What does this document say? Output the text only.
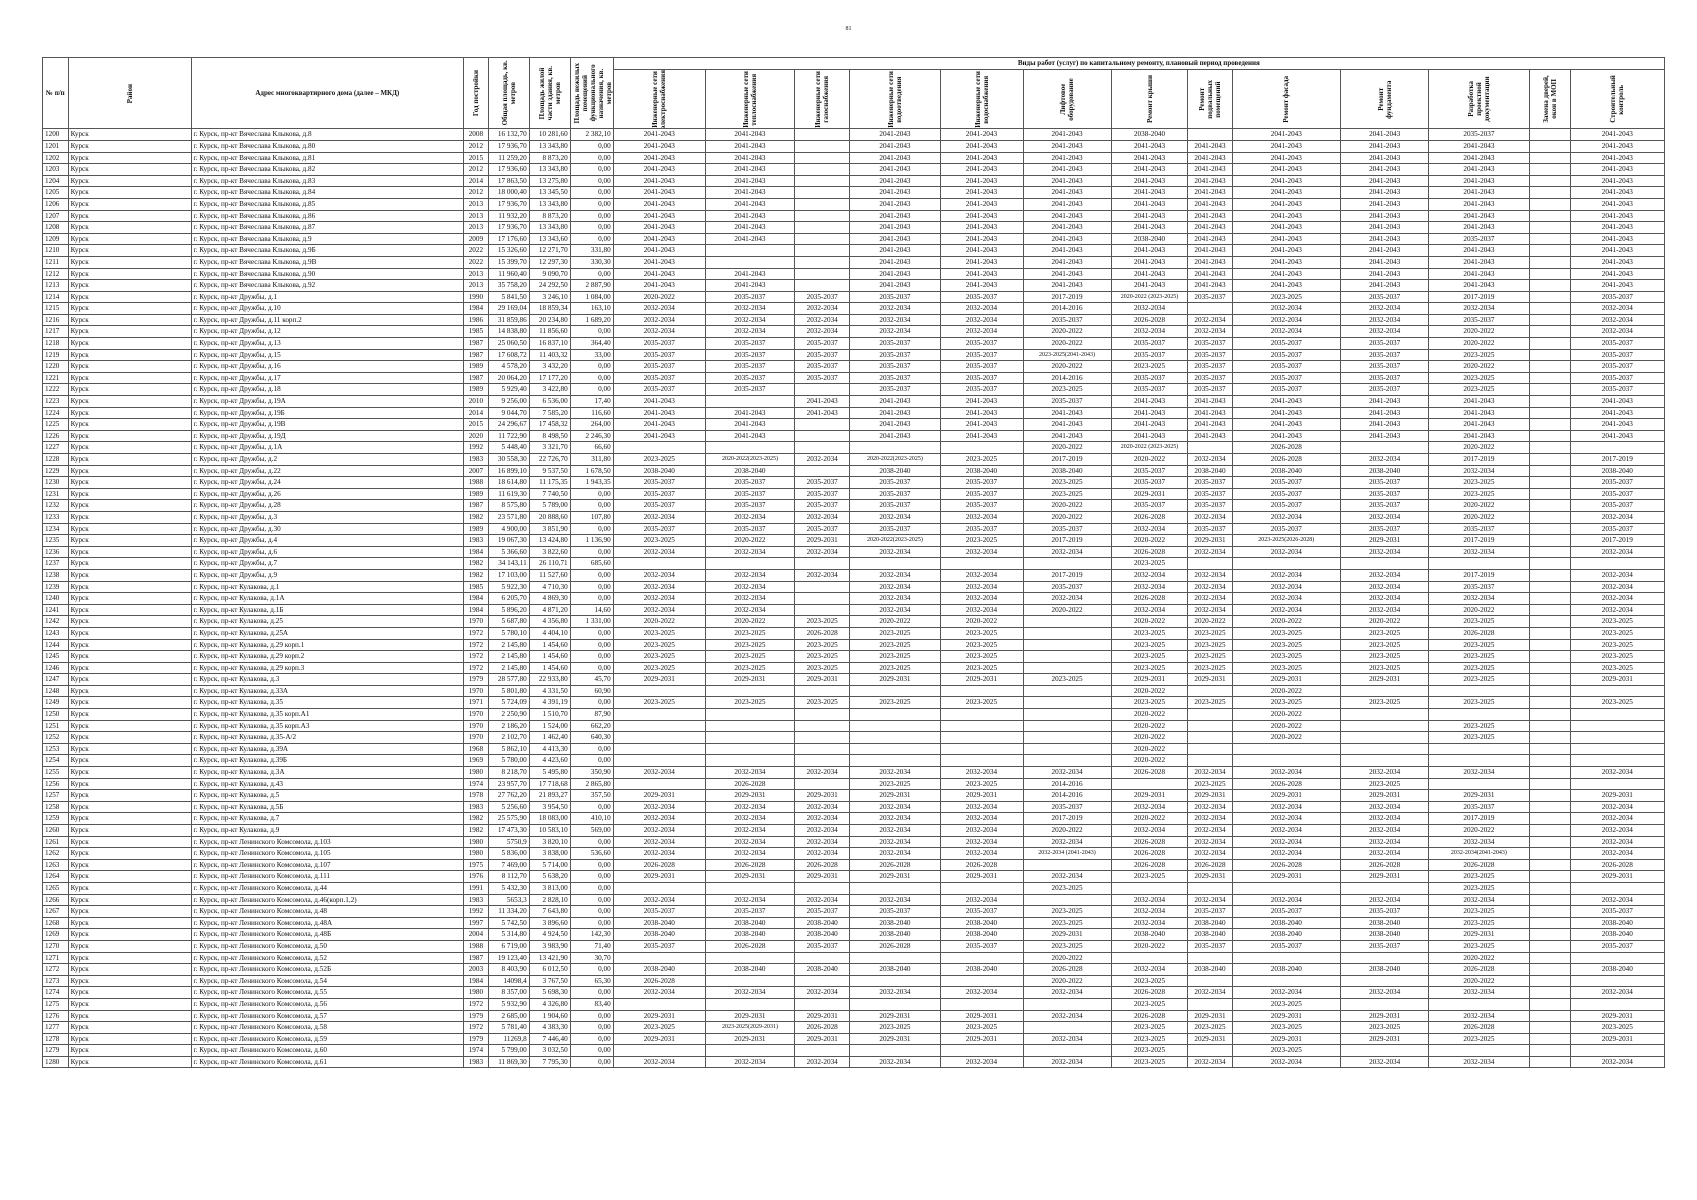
81
№ п/п	Район	Адрес многоквартирного дома (далее – МКД)	Год постройки	Общая площадь, кв. метров	Площадь жилой части здания, кв. метров	Площадь нежилых помещений функционального назначения, кв. метров	Виды работ (услуг) по капитальному ремонту, плановый период проведения												

							Инженерные сети электроснабжения	Инженерные сети теплоснабжения	Инженерные сети газоснабжения	Инженерные сети водоотведения	Инженерные сети водоснабжения	Лифтовое оборудование	Ремонт крыши	Ремонт подвальных помещений	Ремонт фасада	Ремонт фундамента	Разработка проектной документации	Замена дверей, окон в МОП	Строительный контроль

1200	Курск	г. Курск, пр-кт Вячеслава Клыкова, д.8	2008	16 132,70	10 281,60	2 382,10	2041-2043	2041-2043		2041-2043	2041-2043	2041-2043	2038-2040		2041-2043	2041-2043	2035-2037		2041-2043
1201	Курск	г. Курск, пр-кт Вячеслава Клыкова, д.80	2012	17 936,70	13 343,80	0,00	2041-2043	2041-2043		2041-2043	2041-2043	2041-2043	2041-2043	2041-2043	2041-2043	2041-2043	2041-2043		2041-2043
1202	Курск	г. Курск, пр-кт Вячеслава Клыкова, д.81	2015	11 259,20	8 873,20	0,00	2041-2043	2041-2043		2041-2043	2041-2043	2041-2043	2041-2043	2041-2043	2041-2043	2041-2043	2041-2043		2041-2043
1203	Курск	г. Курск, пр-кт Вячеслава Клыкова, д.82	2012	17 936,60	13 343,80	0,00	2041-2043	2041-2043		2041-2043	2041-2043	2041-2043	2041-2043	2041-2043	2041-2043	2041-2043	2041-2043		2041-2043
1204	Курск	г. Курск, пр-кт Вячеслава Клыкова, д.83	2014	17 863,50	13 275,80	0,00	2041-2043	2041-2043		2041-2043	2041-2043	2041-2043	2041-2043	2041-2043	2041-2043	2041-2043	2041-2043		2041-2043
1205	Курск	г. Курск, пр-кт Вячеслава Клыкова, д.84	2012	18 000,40	13 345,50	0,00	2041-2043	2041-2043		2041-2043	2041-2043	2041-2043	2041-2043	2041-2043	2041-2043	2041-2043	2041-2043		2041-2043
1206	Курск	г. Курск, пр-кт Вячеслава Клыкова, д.85	2013	17 936,70	13 343,80	0,00	2041-2043	2041-2043		2041-2043	2041-2043	2041-2043	2041-2043	2041-2043	2041-2043	2041-2043	2041-2043		2041-2043
1207	Курск	г. Курск, пр-кт Вячеслава Клыкова, д.86	2013	11 932,20	8 873,20	0,00	2041-2043	2041-2043		2041-2043	2041-2043	2041-2043	2041-2043	2041-2043	2041-2043	2041-2043	2041-2043		2041-2043
1208	Курск	г. Курск, пр-кт Вячеслава Клыкова, д.87	2013	17 936,70	13 343,80	0,00	2041-2043	2041-2043		2041-2043	2041-2043	2041-2043	2041-2043	2041-2043	2041-2043	2041-2043	2041-2043		2041-2043
1209	Курск	г. Курск, пр-кт Вячеслава Клыкова, д.9	2009	17 176,60	13 343,60	0,00	2041-2043	2041-2043		2041-2043	2041-2043	2041-2043	2038-2040	2041-2043	2041-2043	2041-2043	2035-2037		2041-2043
1210	Курск	г. Курск, пр-кт Вячеслава Клыкова, д.9Б	2022	15 326,60	12 271,70	331,80	2041-2043			2041-2043	2041-2043	2041-2043	2041-2043	2041-2043	2041-2043	2041-2043	2041-2043		2041-2043
1211	Курск	г. Курск, пр-кт Вячеслава Клыкова, д.9В	2022	15 399,70	12 297,30	330,30	2041-2043			2041-2043	2041-2043	2041-2043	2041-2043	2041-2043	2041-2043	2041-2043	2041-2043		2041-2043
1212	Курск	г. Курск, пр-кт Вячеслава Клыкова, д.90	2013	11 960,40	9 090,70	0,00	2041-2043	2041-2043		2041-2043	2041-2043	2041-2043	2041-2043	2041-2043	2041-2043	2041-2043	2041-2043		2041-2043
1213	Курск	г. Курск, пр-кт Вячеслава Клыкова, д.92	2013	35 758,20	24 292,50	2 887,90	2041-2043	2041-2043		2041-2043	2041-2043	2041-2043	2041-2043	2041-2043	2041-2043	2041-2043	2041-2043		2041-2043
1214	Курск	г. Курск, пр-кт Дружбы, д.1	1990	5 841,50	3 246,10	1 084,00	2020-2022	2035-2037	2035-2037	2035-2037	2035-2037	2017-2019	2020-2022 (2023-2025)	2035-2037	2023-2025	2035-2037	2017-2019		2035-2037
1215	Курск	г. Курск, пр-кт Дружбы, д.10	1984	29 169,04	18 859,34	163,10	2032-2034	2032-2034	2032-2034	2032-2034	2032-2034	2014-2016	2032-2034		2032-2034	2032-2034	2032-2034		2032-2034
1216	Курск	г. Курск, пр-кт Дружбы, д.11 корп.2	1986	31 859,86	20 234,80	1 689,20	2032-2034	2032-2034	2032-2034	2032-2034	2032-2034	2035-2037	2026-2028	2032-2034	2032-2034	2032-2034	2035-2037		2032-2034
1217	Курск	г. Курск, пр-кт Дружбы, д.12	1985	14 838,80	11 856,60	0,00	2032-2034	2032-2034	2032-2034	2032-2034	2032-2034	2020-2022	2032-2034	2032-2034	2032-2034	2032-2034	2020-2022		2032-2034
1218	Курск	г. Курск, пр-кт Дружбы, д.13	1987	25 060,50	16 837,10	364,40	2035-2037	2035-2037	2035-2037	2035-2037	2035-2037	2020-2022	2035-2037	2035-2037	2035-2037	2035-2037	2020-2022		2035-2037
1219	Курск	г. Курск, пр-кт Дружбы, д.15	1987	17 608,72	11 403,32	33,00	2035-2037	2035-2037	2035-2037	2035-2037	2035-2037	2023-2025(2041-2043)	2035-2037	2035-2037	2035-2037	2035-2037	2023-2025		2035-2037
1220	Курск	г. Курск, пр-кт Дружбы, д.16	1989	4 578,20	3 432,20	0,00	2035-2037	2035-2037	2035-2037	2035-2037	2035-2037	2020-2022	2023-2025	2035-2037	2035-2037	2035-2037	2020-2022		2035-2037
1221	Курск	г. Курск, пр-кт Дружбы, д.17	1987	20 064,20	17 177,20	0,00	2035-2037	2035-2037	2035-2037	2035-2037	2035-2037	2014-2016	2035-2037	2035-2037	2035-2037	2035-2037	2023-2025		2035-2037
1222	Курск	г. Курск, пр-кт Дружбы, д.18	1989	5 929,40	3 422,80	0,00	2035-2037	2035-2037		2035-2037	2035-2037	2023-2025	2035-2037	2035-2037	2035-2037	2035-2037	2023-2025		2035-2037
1223	Курск	г. Курск, пр-кт Дружбы, д.19А	2010	9 256,00	6 536,00	17,40	2041-2043		2041-2043	2041-2043	2041-2043	2035-2037	2041-2043	2041-2043	2041-2043	2041-2043	2041-2043		2041-2043
1224	Курск	г. Курск, пр-кт Дружбы, д.19Б	2014	9 044,70	7 585,20	116,60	2041-2043	2041-2043	2041-2043	2041-2043	2041-2043	2041-2043	2041-2043	2041-2043	2041-2043	2041-2043	2041-2043		2041-2043
1225	Курск	г. Курск, пр-кт Дружбы, д.19В	2015	24 296,67	17 458,32	264,00	2041-2043	2041-2043		2041-2043	2041-2043	2041-2043	2041-2043	2041-2043	2041-2043	2041-2043	2041-2043		2041-2043
1226	Курск	г. Курск, пр-кт Дружбы, д.19Д	2020	11 722,90	8 498,50	2 246,30	2041-2043	2041-2043		2041-2043	2041-2043	2041-2043	2041-2043	2041-2043	2041-2043	2041-2043	2041-2043		2041-2043
1227	Курск	г. Курск, пр-кт Дружбы, д.1А	1992	5 448,40	3 321,70	66,60						2020-2022	2020-2022 (2023-2025)		2026-2028		2020-2022		
1228	Курск	г. Курск, пр-кт Дружбы, д.2	1983	30 558,30	22 726,70	311,80	2023-2025	2020-2022(2023-2025)	2032-2034	2020-2022(2023-2025)	2023-2025	2017-2019	2020-2022	2032-2034	2026-2028	2032-2034	2017-2019		2017-2019
1229	Курск	г. Курск, пр-кт Дружбы, д.22	2007	16 899,10	9 537,50	1 678,50	2038-2040	2038-2040		2038-2040	2038-2040	2038-2040	2035-2037	2038-2040	2038-2040	2038-2040	2032-2034		2038-2040
1230	Курск	г. Курск, пр-кт Дружбы, д.24	1988	18 614,80	11 175,35	1 943,35	2035-2037	2035-2037	2035-2037	2035-2037	2035-2037	2023-2025	2035-2037	2035-2037	2035-2037	2035-2037	2023-2025		2035-2037
1231	Курск	г. Курск, пр-кт Дружбы, д.26	1989	11 619,30	7 740,50	0,00	2035-2037	2035-2037	2035-2037	2035-2037	2035-2037	2023-2025	2029-2031	2035-2037	2035-2037	2035-2037	2023-2025		2035-2037
1232	Курск	г. Курск, пр-кт Дружбы, д.28	1987	8 575,80	5 789,00	0,00	2035-2037	2035-2037	2035-2037	2035-2037	2035-2037	2020-2022	2035-2037	2035-2037	2035-2037	2035-2037	2020-2022		2035-2037
1233	Курск	г. Курск, пр-кт Дружбы, д.3	1982	23 571,80	20 888,60	107,80	2032-2034	2032-2034	2032-2034	2032-2034	2032-2034	2020-2022	2026-2028	2032-2034	2032-2034	2032-2034	2020-2022		2032-2034
1234	Курск	г. Курск, пр-кт Дружбы, д.30	1989	4 900,00	3 851,90	0,00	2035-2037	2035-2037	2035-2037	2035-2037	2035-2037	2035-2037	2032-2034	2035-2037	2035-2037	2035-2037	2035-2037		2035-2037
1235	Курск	г. Курск, пр-кт Дружбы, д.4	1983	19 067,30	13 424,80	1 136,90	2023-2025	2020-2022	2029-2031	2020-2022(2023-2025)	2023-2025	2017-2019	2020-2022	2029-2031	2023-2025(2026-2028)	2029-2031	2017-2019		2017-2019
1236	Курск	г. Курск, пр-кт Дружбы, д.6	1984	5 366,60	3 822,60	0,00	2032-2034	2032-2034	2032-2034	2032-2034	2032-2034	2032-2034	2026-2028	2032-2034	2032-2034	2032-2034	2032-2034		2032-2034
1237	Курск	г. Курск, пр-кт Дружбы, д.7	1982	34 143,11	26 110,71	685,60							2023-2025						
1238	Курск	г. Курск, пр-кт Дружбы, д.9	1982	17 103,00	11 527,60	0,00	2032-2034	2032-2034	2032-2034	2032-2034	2032-2034	2017-2019	2032-2034	2032-2034	2032-2034	2032-2034	2017-2019		2032-2034
1239	Курск	г. Курск, пр-кт Кулакова, д.1	1985	5 922,30	4 710,30	0,00	2032-2034	2032-2034		2032-2034	2032-2034	2035-2037	2032-2034	2032-2034	2032-2034	2032-2034	2035-2037		2032-2034
1240	Курск	г. Курск, пр-кт Кулакова, д.1А	1984	6 205,70	4 869,30	0,00	2032-2034	2032-2034		2032-2034	2032-2034	2032-2034	2026-2028	2032-2034	2032-2034	2032-2034	2032-2034		2032-2034
1241	Курск	г. Курск, пр-кт Кулакова, д.1Б	1984	5 896,20	4 871,20	14,60	2032-2034	2032-2034		2032-2034	2032-2034	2020-2022	2032-2034	2032-2034	2032-2034	2032-2034	2020-2022		2032-2034
1242	Курск	г. Курск, пр-кт Кулакова, д.25	1970	5 687,80	4 356,80	1 331,00	2020-2022	2020-2022	2023-2025	2020-2022	2020-2022		2020-2022	2020-2022	2020-2022	2020-2022	2023-2025		2023-2025
1243	Курск	г. Курск, пр-кт Кулакова, д.25А	1972	5 780,10	4 404,10	0,00	2023-2025	2023-2025	2026-2028	2023-2025	2023-2025		2023-2025	2023-2025	2023-2025	2023-2025	2026-2028		2023-2025
1244	Курск	г. Курск, пр-кт Кулакова, д.29 корп.1	1972	2 145,80	1 454,60	0,00	2023-2025	2023-2025	2023-2025	2023-2025	2023-2025		2023-2025	2023-2025	2023-2025	2023-2025	2023-2025		2023-2025
1245	Курск	г. Курск, пр-кт Кулакова, д.29 корп.2	1972	2 145,80	1 454,60	0,00	2023-2025	2023-2025	2023-2025	2023-2025	2023-2025		2023-2025	2023-2025	2023-2025	2023-2025	2023-2025		2023-2025
1246	Курск	г. Курск, пр-кт Кулакова, д.29 корп.3	1972	2 145,80	1 454,60	0,00	2023-2025	2023-2025	2023-2025	2023-2025	2023-2025		2023-2025	2023-2025	2023-2025	2023-2025	2023-2025		2023-2025
1247	Курск	г. Курск, пр-кт Кулакова, д.3	1979	28 577,80	22 933,80	45,70	2029-2031	2029-2031	2029-2031	2029-2031	2029-2031	2023-2025	2029-2031	2029-2031	2029-2031	2029-2031	2023-2025		2029-2031
1248	Курск	г. Курск, пр-кт Кулакова, д.33А	1970	5 801,80	4 331,50	60,90							2020-2022		2020-2022				
1249	Курск	г. Курск, пр-кт Кулакова, д.35	1971	5 724,09	4 391,19	0,00	2023-2025	2023-2025	2023-2025	2023-2025	2023-2025		2023-2025	2023-2025	2023-2025	2023-2025	2023-2025		2023-2025
1250	Курск	г. Курск, пр-кт Кулакова, д.35 корп.А1	1970	2 250,90	1 510,70	87,90							2020-2022		2020-2022				
1251	Курск	г. Курск, пр-кт Кулакова, д.35 корп.А3	1970	2 186,20	1 524,00	662,20							2020-2022		2020-2022		2023-2025		
1252	Курск	г. Курск, пр-кт Кулакова, д.35-А/2	1970	2 102,70	1 462,40	640,30							2020-2022		2020-2022		2023-2025		
1253	Курск	г. Курск, пр-кт Кулакова, д.39А	1968	5 862,10	4 413,30	0,00							2020-2022						
1254	Курск	г. Курск, пр-кт Кулакова, д.39Б	1969	5 780,00	4 423,60	0,00							2020-2022						
1255	Курск	г. Курск, пр-кт Кулакова, д.3А	1980	8 218,70	5 495,80	350,90	2032-2034	2032-2034	2032-2034	2032-2034	2032-2034	2032-2034	2026-2028	2032-2034	2032-2034	2032-2034	2032-2034		2032-2034
1256	Курск	г. Курск, пр-кт Кулакова, д.43	1974	23 957,70	17 718,68	2 865,80		2026-2028		2023-2025	2023-2025	2014-2016		2023-2025	2026-2028	2023-2025			
1257	Курск	г. Курск, пр-кт Кулакова, д.5	1978	27 762,20	21 893,27	357,50	2029-2031	2029-2031	2029-2031	2029-2031	2029-2031	2014-2016	2029-2031	2029-2031	2029-2031	2029-2031	2029-2031		2029-2031
1258	Курск	г. Курск, пр-кт Кулакова, д.5Б	1983	5 256,60	3 954,50	0,00	2032-2034	2032-2034	2032-2034	2032-2034	2032-2034	2035-2037	2032-2034	2032-2034	2032-2034	2032-2034	2035-2037		2032-2034
1259	Курск	г. Курск, пр-кт Кулакова, д.7	1982	25 575,90	18 083,00	410,10	2032-2034	2032-2034	2032-2034	2032-2034	2032-2034	2017-2019	2020-2022	2032-2034	2032-2034	2032-2034	2017-2019		2032-2034
1260	Курск	г. Курск, пр-кт Кулакова, д.9	1982	17 473,30	10 583,10	569,00	2032-2034	2032-2034	2032-2034	2032-2034	2032-2034	2020-2022	2032-2034	2032-2034	2032-2034	2032-2034	2020-2022		2032-2034
1261	Курск	г. Курск, пр-кт Ленинского Комсомола, д.103	1980	5750,9	3 820,10	0,00	2032-2034	2032-2034	2032-2034	2032-2034	2032-2034	2032-2034	2026-2028	2032-2034	2032-2034	2032-2034	2032-2034		2032-2034
1262	Курск	г. Курск, пр-кт Ленинского Комсомола, д.105	1980	5 836,00	3 838,00	536,60	2032-2034	2032-2034	2032-2034	2032-2034	2032-2034	2032-2034 (2041-2043)	2026-2028	2032-2034	2032-2034	2032-2034	2032-2034(2041-2043)		2032-2034
1263	Курск	г. Курск, пр-кт Ленинского Комсомола, д.107	1975	7 469,00	5 714,00	0,00	2026-2028	2026-2028	2026-2028	2026-2028	2026-2028		2026-2028	2026-2028	2026-2028	2026-2028	2026-2028		2026-2028
1264	Курск	г. Курск, пр-кт Ленинского Комсомола, д.111	1976	8 112,70	5 638,20	0,00	2029-2031	2029-2031	2029-2031	2029-2031	2029-2031	2032-2034	2023-2025	2029-2031	2029-2031	2029-2031	2023-2025		2029-2031
1265	Курск	г. Курск, пр-кт Ленинского Комсомола, д.44	1991	5 432,30	3 813,00	0,00						2023-2025					2023-2025		
1266	Курск	г. Курск, пр-кт Ленинского Комсомола, д.46(корп.1,2)	1983	5653,3	2 828,10	0,00	2032-2034	2032-2034	2032-2034	2032-2034	2032-2034		2032-2034	2032-2034	2032-2034	2032-2034	2032-2034		2032-2034
1267	Курск	г. Курск, пр-кт Ленинского Комсомола, д.48	1992	11 334,20	7 643,80	0,00	2035-2037	2035-2037	2035-2037	2035-2037	2035-2037	2023-2025	2032-2034	2035-2037	2035-2037	2035-2037	2023-2025		2035-2037
1268	Курск	г. Курск, пр-кт Ленинского Комсомола, д.48А	1997	5 742,50	3 896,60	0,00	2038-2040	2038-2040	2038-2040	2038-2040	2038-2040	2023-2025	2032-2034	2038-2040	2038-2040	2038-2040	2023-2025		2038-2040
1269	Курск	г. Курск, пр-кт Ленинского Комсомола, д.48Б	2004	5 314,80	4 924,50	142,30	2038-2040	2038-2040	2038-2040	2038-2040	2038-2040	2029-2031	2038-2040	2038-2040	2038-2040	2038-2040	2029-2031		2038-2040
1270	Курск	г. Курск, пр-кт Ленинского Комсомола, д.50	1988	6 719,00	3 983,90	71,40	2035-2037	2026-2028	2035-2037	2026-2028	2035-2037	2023-2025	2020-2022	2035-2037	2035-2037	2035-2037	2023-2025		2035-2037
1271	Курск	г. Курск, пр-кт Ленинского Комсомола, д.52	1987	19 123,40	13 421,90	30,70						2020-2022					2020-2022		
1272	Курск	г. Курск, пр-кт Ленинского Комсомола, д.52Б	2003	8 403,90	6 012,50	0,00	2038-2040	2038-2040	2038-2040	2038-2040	2038-2040	2026-2028	2032-2034	2038-2040	2038-2040	2038-2040	2026-2028		2038-2040
1273	Курск	г. Курск, пр-кт Ленинского Комсомола, д.54	1984	14098,4	3 767,50	65,30	2026-2028					2020-2022	2023-2025				2020-2022		
1274	Курск	г. Курск, пр-кт Ленинского Комсомола, д.55	1980	8 357,00	5 698,30	0,00	2032-2034	2032-2034	2032-2034	2032-2034	2032-2034	2032-2034	2026-2028	2032-2034	2032-2034	2032-2034	2032-2034		2032-2034
1275	Курск	г. Курск, пр-кт Ленинского Комсомола, д.56	1972	5 932,90	4 326,80	83,40							2023-2025		2023-2025				
1276	Курск	г. Курск, пр-кт Ленинского Комсомола, д.57	1979	2 685,00	1 904,60	0,00	2029-2031	2029-2031	2029-2031	2029-2031	2029-2031	2032-2034	2026-2028	2029-2031	2029-2031	2029-2031	2032-2034		2029-2031
1277	Курск	г. Курск, пр-кт Ленинского Комсомола, д.58	1972	5 781,40	4 383,30	0,00	2023-2025	2023-2025(2029-2031)	2026-2028	2023-2025	2023-2025		2023-2025	2023-2025	2023-2025	2023-2025	2026-2028		2023-2025
1278	Курск	г. Курск, пр-кт Ленинского Комсомола, д.59	1979	11269,8	7 446,40	0,00	2029-2031	2029-2031	2029-2031	2029-2031	2029-2031	2032-2034	2023-2025	2029-2031	2029-2031	2029-2031	2023-2025		2029-2031
1279	Курск	г. Курск, пр-кт Ленинского Комсомола, д.60	1974	5 799,00	3 032,50	0,00							2023-2025		2023-2025				
1280	Курск	г. Курск, пр-кт Ленинского Комсомола, д.61	1983	11 869,30	7 795,30	0,00	2032-2034	2032-2034	2032-2034	2032-2034	2032-2034	2032-2034	2023-2025	2032-2034	2032-2034	2032-2034	2032-2034		2032-2034
